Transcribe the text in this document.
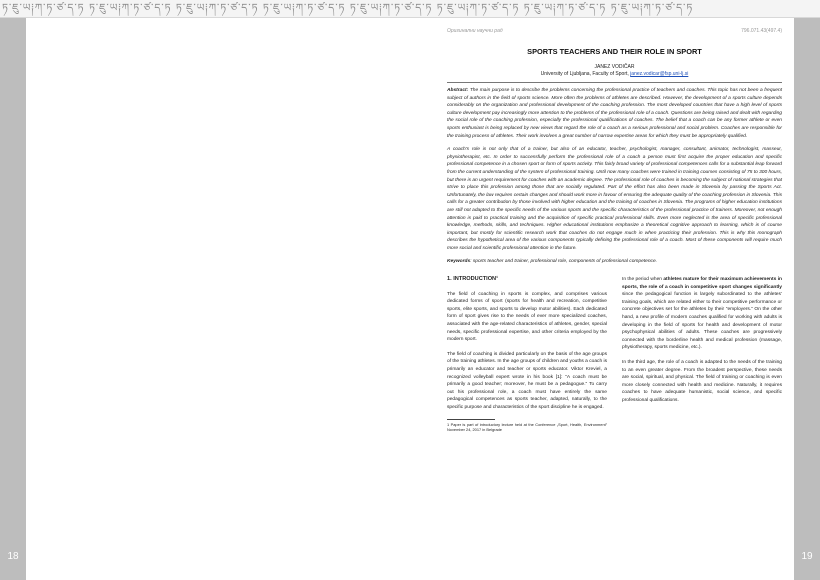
ཏ་ཇུ་ཡ༐ཀ་ཏ་ཙ་ད་ཏ ཏ་ཇུ་ཡ༐ཀ་ཏ་ཙ་ད་ཏ ཏ་ཇུ་ཡ༐ཀ་ཏ་ཙ་ད་ཏ ཏ་ཇུ་ཡ༐ཀ་ཏ་ཙ་ད་ཏ ཏ་ཇུ་ཡ༐ཀ་ཏ་ཙ་ད་ཏ ཏ་ཇུ་ཡ༐ཀ་ཏ་ཙ་ད་ཏ ཏ་ཇུ་ཡ༐ཀ་ཏ་ཙ་ད་ཏ ཏ་ཇུ་ཡ༐ཀ་ཏ་ཙ་ད་ཏ
18	19
Оригинални научни рад	796.071.43(497.4)
SPORTS TEACHERS AND THEIR ROLE IN SPORT
JANEZ VODIČAR
University of Ljubljana, Faculty of Sport, janez.vodicar@fsp.uni-lj.si
Abstract: The main purpose is to describe the problems concerning the professional practice of teachers and coaches. This topic has not been a frequent subject of authors in the field of sports science. More often the problems of athletes are described. However, the development of a sports culture depends considerably on the organization and professional development of the coaching profession. The most developed countries that have a high level of sports culture development pay increasingly more attention to the problems of the professional role of a coach. Questions are being raised and dealt with regarding the social role of the coaching profession, especially the professional qualifications of coaches. The belief that a coach can be any former athlete or even sports enthusiast is being replaced by new views that regard the role of a coach as a serious professional and social problem. Coaches are responsible for the training process of athletes. Their work involves a great number of narrow expertise areas for which they must be appropriately qualified.
A coach's role is not only that of a trainer, but also of an educator, teacher, psychologist, manager, consultant, animator, technologist, masseur, physiotherapist, etc. In order to successfully perform the professional role of a coach a person must first acquire the proper education and specific professional competence in a chosen sport or form of sports activity. This fairly broad variety of professional competences calls for a substantial leap forward from the current understanding of the system of professional training. Until now many coaches were trained in training courses consisting of 75 to 300 hours, but there is an urgent requirement for coaches with an academic degree. The professional role of coaches is becoming the subject of national strategies that strive to place this profession among those that are socially regulated. Part of the effort has also been made in Slovenia by passing the Sports Act. Unfortunately, the law requires certain changes and should work more in favour of ensuring the adequate quality of the coaching profession in Slovenia. This calls for a greater contribution by those involved with higher education and the training of coaches in Slovenia. The programs of higher education institutions are still not adapted to the specific needs of the various sports and the specific characteristics of the professional practice of trainers. Moreover, not enough attention is paid to practical training and the acquisition of specific practical professional skills. Even more neglected is the area of specific professional knowledge, methods, skills, and techniques. Higher educational institutions emphasize a theoretical cognitive approach to learning, which is of course important, but mostly for scientific research work that coaches do not engage much in when practicing their profession. This is why this monograph describes the hypothetical area of the various components typically defining the professional role of a coach. Most of these components will require much more social and scientific professional attention in the future.
Keywords: sports teacher and trainer, professional role, components of professional competence.
1. INTRODUCTION¹

The field of coaching in sports is complex, and comprises various dedicated forms of sport (sports for health and recreation, competitive sports, elite sports, and sports to develop motor abilities). Each dedicated form of sport gives rise to the needs of ever more specialized coaches, associated with the age-related characteristics of athletes, gender, special needs, specific professional expertise, and other criteria employed by the modern sport.

The field of coaching is divided particularly on the basis of the age groups of the training athletes. In the age groups of children and youths a coach is primarily an educator and teacher or sports educator. Viktor Kreviel, a recognized volleyball expert wrote in his book [1]: “A coach must be primarily a good teacher; moreover, he must be a pedagogue.” To carry out his professional role, a coach must have entirely the same pedagogical competences as sports teacher, adapted, naturally, to the specific purpose and characteristics of the sport discipline he is engaged.

1 Paper is part of introductory lecture held at the Conference „Sport, Health, Environment” November 24, 2017 in Belgrade

In the period when athletes mature for their maximum achievements in sports, the role of a coach in competitive sport changes significantly since the pedagogical function is largely subordinated to the athletes’ training goals, which are related either to their competitive performance or concrete objectives set for the athletes by their “employers.” On the other hand, a new profile of modern coaches qualified for working with adults is developing in the field of sports for health and development of motor psychophysical abilities of adults. These coaches are progressively connected with the borderline health and medical profession (massage, physiotherapy, sports medicine, etc.).

In the third age, the role of a coach is adapted to the needs of the training to an even greater degree. From the broadest perspective, these needs are social, spiritual, and physical. The field of training or coaching is even more closely connected with health and medicine. Naturally, it requires coaches to have adequate humanistic, social science, and specific professional qualifications.
